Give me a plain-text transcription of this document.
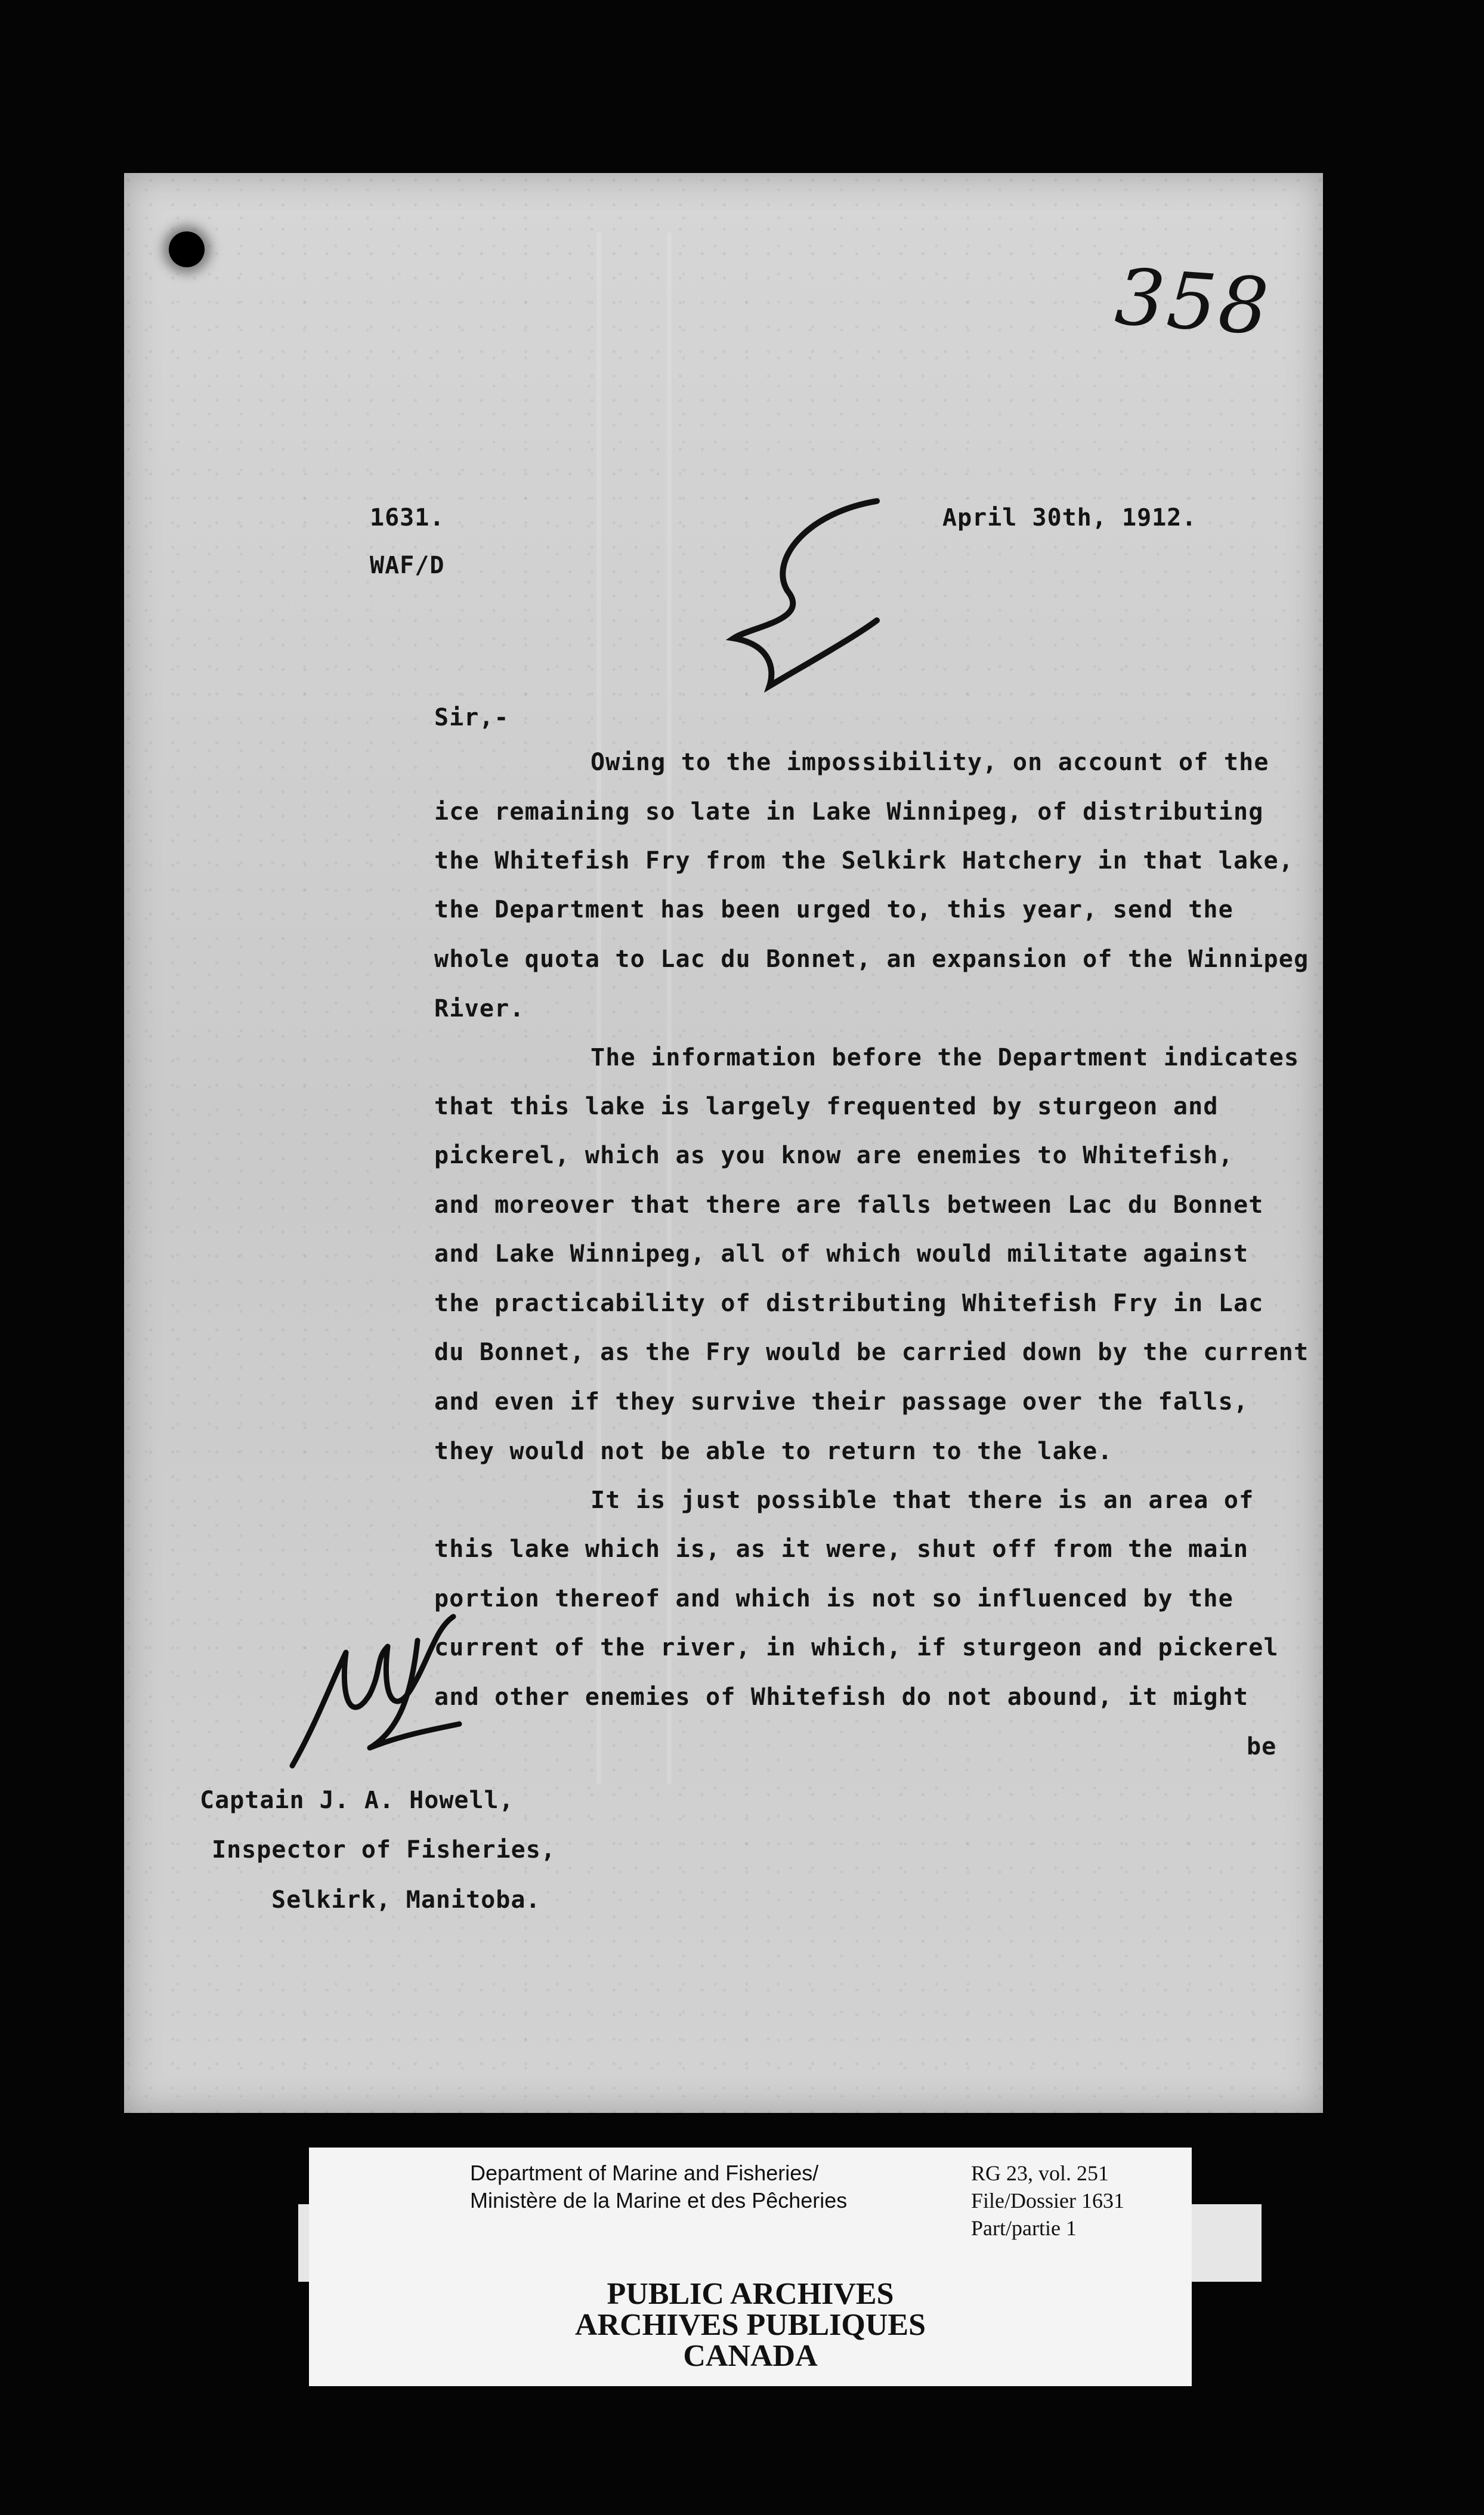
358
1631.
WAF/D
April 30th, 1912.
Sir,-
Owing to the impossibility, on account of the
ice remaining so late in Lake Winnipeg, of distributing
the Whitefish Fry from the Selkirk Hatchery in that lake,
the Department has been urged to, this year, send the
whole quota to Lac du Bonnet, an expansion of the Winnipeg
River.
The information before the Department indicates
that this lake is largely frequented by sturgeon and
pickerel, which as you know are enemies to Whitefish,
and moreover that there are falls between Lac du Bonnet
and Lake Winnipeg, all of which would militate against
the practicability of distributing Whitefish Fry in Lac
du Bonnet, as the Fry would be carried down by the current
and even if they survive their passage over the falls,
they would not be able to return to the lake.
It is just possible that there is an area of
this lake which is, as it were, shut off from the main
portion thereof and which is not so influenced by the
current of the river, in which, if sturgeon and pickerel
and other enemies of Whitefish do not abound, it might
be
Captain J. A. Howell,
Inspector of Fisheries,
Selkirk, Manitoba.
Department of Marine and Fisheries/
Ministère de la Marine et des Pêcheries
RG 23, vol. 251
File/Dossier 1631
Part/partie 1
PUBLIC ARCHIVES
ARCHIVES PUBLIQUES
CANADA
